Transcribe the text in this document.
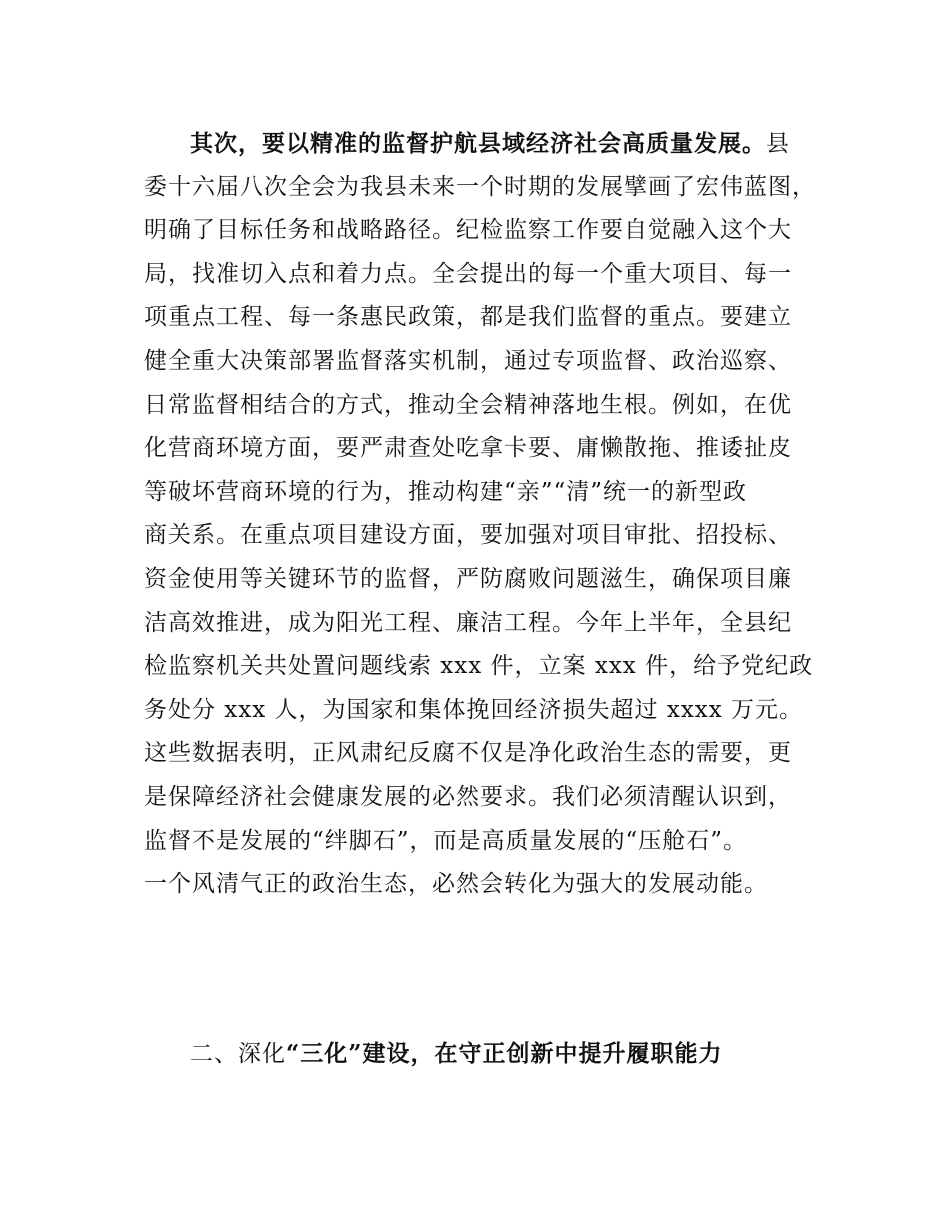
其次，要以精准的监督护航县域经济社会高质量发展。县
委十六届八次全会为我县未来一个时期的发展擘画了宏伟蓝图，
明确了目标任务和战略路径。纪检监察工作要自觉融入这个大
局，找准切入点和着力点。全会提出的每一个重大项目、每一
项重点工程、每一条惠民政策，都是我们监督的重点。要建立
健全重大决策部署监督落实机制，通过专项监督、政治巡察、
日常监督相结合的方式，推动全会精神落地生根。例如，在优
化营商环境方面，要严肃查处吃拿卡要、庸懒散拖、推诿扯皮
等破坏营商环境的行为，推动构建“亲”“清”统一的新型政
商关系。在重点项目建设方面，要加强对项目审批、招投标、
资金使用等关键环节的监督，严防腐败问题滋生，确保项目廉
洁高效推进，成为阳光工程、廉洁工程。今年上半年，全县纪
检监察机关共处置问题线索 xxx 件，立案 xxx 件，给予党纪政
务处分 xxx 人，为国家和集体挽回经济损失超过 xxxx 万元。
这些数据表明，正风肃纪反腐不仅是净化政治生态的需要，更
是保障经济社会健康发展的必然要求。我们必须清醒认识到，
监督不是发展的“绊脚石”，而是高质量发展的“压舱石”。
一个风清气正的政治生态，必然会转化为强大的发展动能。
二、深化“三化”建设，在守正创新中提升履职能力
